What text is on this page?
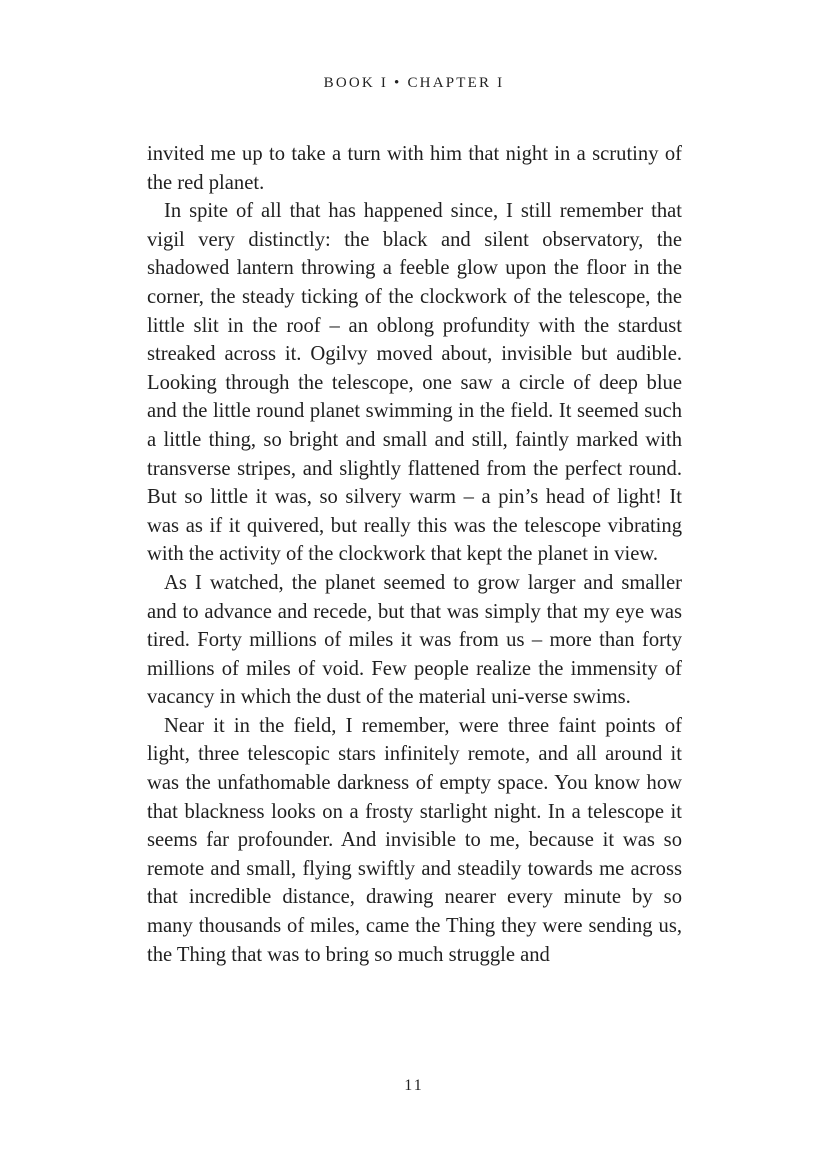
BOOK I • CHAPTER I

invited me up to take a turn with him that night in a scrutiny of the red planet.

In spite of all that has happened since, I still remember that vigil very distinctly: the black and silent observatory, the shadowed lantern throwing a feeble glow upon the floor in the corner, the steady ticking of the clockwork of the telescope, the little slit in the roof – an oblong profundity with the stardust streaked across it. Ogilvy moved about, invisible but audible. Looking through the telescope, one saw a circle of deep blue and the little round planet swimming in the field. It seemed such a little thing, so bright and small and still, faintly marked with transverse stripes, and slightly flattened from the perfect round. But so little it was, so silvery warm – a pin’s head of light! It was as if it quivered, but really this was the telescope vibrating with the activity of the clockwork that kept the planet in view.

As I watched, the planet seemed to grow larger and smaller and to advance and recede, but that was simply that my eye was tired. Forty millions of miles it was from us – more than forty millions of miles of void. Few people realize the immensity of vacancy in which the dust of the material uni-verse swims.

Near it in the field, I remember, were three faint points of light, three telescopic stars infinitely remote, and all around it was the unfathomable darkness of empty space. You know how that blackness looks on a frosty starlight night. In a telescope it seems far profounder. And invisible to me, because it was so remote and small, flying swiftly and steadily towards me across that incredible distance, drawing nearer every minute by so many thousands of miles, came the Thing they were sending us, the Thing that was to bring so much struggle and

11
